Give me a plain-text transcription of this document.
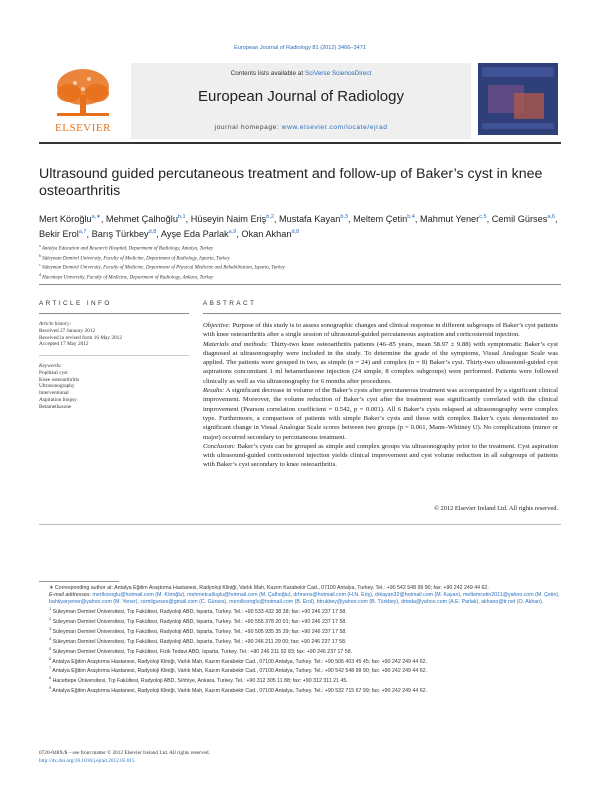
European Journal of Radiology 81 (2012) 3466–3471
ELSEVIER
Contents lists available at SciVerse ScienceDirect
European Journal of Radiology
journal homepage: www.elsevier.com/locate/ejrad
Ultrasound guided percutaneous treatment and follow-up of Baker’s cyst in knee osteoarthritis
Mert Köroğlu$^{a,∗}$, Mehmet Çalhoğlu$^{b,1}$, Hüseyin Naim Eriş$^{b,2}$, Mustafa Kayan$^{b,3}$, Meltem Çetin$^{b,4}$, Mahmut Yener$^{c,5}$, Cemil Gürses$^{a,6}$, Bekir Erol$^{a,7}$, Barış Türkbey$^{d,8}$, Ayşe Eda Parlak$^{a,9}$, Okan Akhan$^{d,8}$
$^a$ Antalya Education and Research Hospital, Department of Radiology, Antalya, Turkey
$^b$ Süleyman Demirel University, Faculty of Medicine, Department of Radiology, Isparta, Turkey
$^c$ Süleyman Demirel University, Faculty of Medicine, Department of Physical Medicine and Rehabilitation, Isparta, Turkey
$^d$ Hacettepe University, Faculty of Medicine, Department of Radiology, Ankara, Turkey
ARTICLE INFO
Article history:
Received 27 January 2012
Received in revised form 16 May 2012
Accepted 17 May 2012
Keywords:
Popliteal cyst
Knee osteoarthritis
Ultrasonography
Interventional
Aspiration biopsy
Betamethasone
ABSTRACT

Objective: Purpose of this study is to assess sonographic changes and clinical response in different subgroups of Baker’s cyst patients with knee osteoarthritis after a single session of ultrasound-guided percutaneous aspiration and corticosteroid injection.

Materials and methods: Thirty-two knee osteoarthritis patients (46–85 years, mean 58.97 ± 9.88) with symptomatic Baker’s cyst diagnosed at ultrasonography were included in the study. To determine the grade of the symptoms, Visual Analogue Scale was applied. The patients were grouped in two, as simple (n = 24) and complex (n = 8) Baker’s cyst. Thirty-two ultrasound-guided cyst aspirations concomitant 1 ml betamethasone injection (24 simple, 8 complex subgroups) were performed. Patients were followed clinically as well as via ultrasonography for 6 months after procedures.

Results: A significant decrease in volume of the Baker’s cysts after percutaneous treatment was accompanied by a significant clinical improvement. Moreover, the volume reduction of Baker’s cyst after the treatment was significantly correlated with the clinical improvement (Pearson correlation coefficient = 0.542, p = 0.001). All 6 Baker’s cysts relapsed at ultrasonography were complex type. Furthermore, a comparison of patients with simple Baker’s cysts and those with complex Baker’s cysts demonstrated no significant change in Visual Analogue Scale scores between two groups (p = 0.061, Mann–Whitney U). No complications (minor or major) occurred secondary to percutaneous treatment.

Conclusion: Baker’s cysts can be grouped as simple and complex groups via ultrasonography prior to the treatment. Cyst aspiration with ultrasound-guided corticosteroid injection yields clinical improvement and cyst volume reduction in all subgroups of patients with Baker’s cyst secondary to knee osteoarthritis.

© 2012 Elsevier Ireland Ltd. All rights reserved.

∗ Corresponding author at: Antalya Eğitim Araştırma Hastanesi, Radyoloji Kliniği, Varlık Mah, Kazım Karabekir Cad., 07100 Antalya, Turkey. Tel.: +90 542 548 99 90; fax: +90 242 249 44 62.

E-mail addresses: mertkoroglu@hotmail.com (M. Köroğlu), mehmetcalloglu@hotmail.com (M. Çalhoğlu), drhneris@hotmail.com (H.N. Eriş), drkayan32@hotmail.com (M. Kayan), meltemcetin2011@yahoo.com (M. Çetin), bahtiyaryener@yahoo.com (M. Yener), cemilgurses@gmail.com (C. Gürses), merolkoroglu@hotmail.com (B. Erol), btrukbey@yahoo.com (B. Türkbey), drteda@yahoo.com (A.E. Parlak), akhano@tr.net (O. Akhan).

$^1$ Süleyman Demirel Üniversitesi, Tıp Fakültesi, Radyoloji ABD, Isparta, Turkey. Tel.: +90 533 432 38 38; fax: +90 246 237 17 58.

$^2$ Süleyman Demirel Üniversitesi, Tıp Fakültesi, Radyoloji ABD, Isparta, Turkey. Tel.: +90 555 378 20 01; fax: +90 246 237 17 58.

$^3$ Süleyman Demirel Üniversitesi, Tıp Fakültesi, Radyoloji ABD, Isparta, Turkey. Tel.: +90 505 935 35 39; fax: +90 246 237 17 58.

$^4$ Süleyman Demirel Üniversitesi, Tıp Fakültesi, Radyoloji ABD, Isparta, Turkey. Tel.: +90 246 211 29 00; fax: +90 246 237 17 58.

$^5$ Süleyman Demirel Üniversitesi, Tıp Fakültesi, Fizik Tedavi ABD, Isparta, Turkey. Tel.: +90 246 211 92 83; fax: +90 246 237 17 58.

$^6$ Antalya Eğitim Araştırma Hastanesi, Radyoloji Kliniği, Varlık Mah, Kazım Karabekir Cad., 07100 Antalya, Turkey. Tel.: +90 506 403 45 45; fax: +90 242 249 44 62.

$^7$ Antalya Eğitim Araştırma Hastanesi, Radyoloji Kliniği, Varlık Mah, Kazım Karabekir Cad., 07100 Antalya, Turkey. Tel.: +90 542 548 99 90; fax: +90 242 249 44 62.

$^8$ Hacettepe Üniversitesi, Tıp Fakültesi, Radyoloji ABD, Sıhhiye, Ankara, Turkey. Tel.: +90 312 305 11 88; fax: +90 312 311 21 45.

$^9$ Antalya Eğitim Araştırma Hastanesi, Radyoloji Kliniği, Varlık Mah, Kazım Karabekir Cad., 07100 Antalya, Turkey. Tel.: +90 532 715 67 99; fax: +90 242 249 44 62.

0720-048X/$ – see front matter © 2012 Elsevier Ireland Ltd. All rights reserved.
http://dx.doi.org/10.1016/j.ejrad.2012.05.015
